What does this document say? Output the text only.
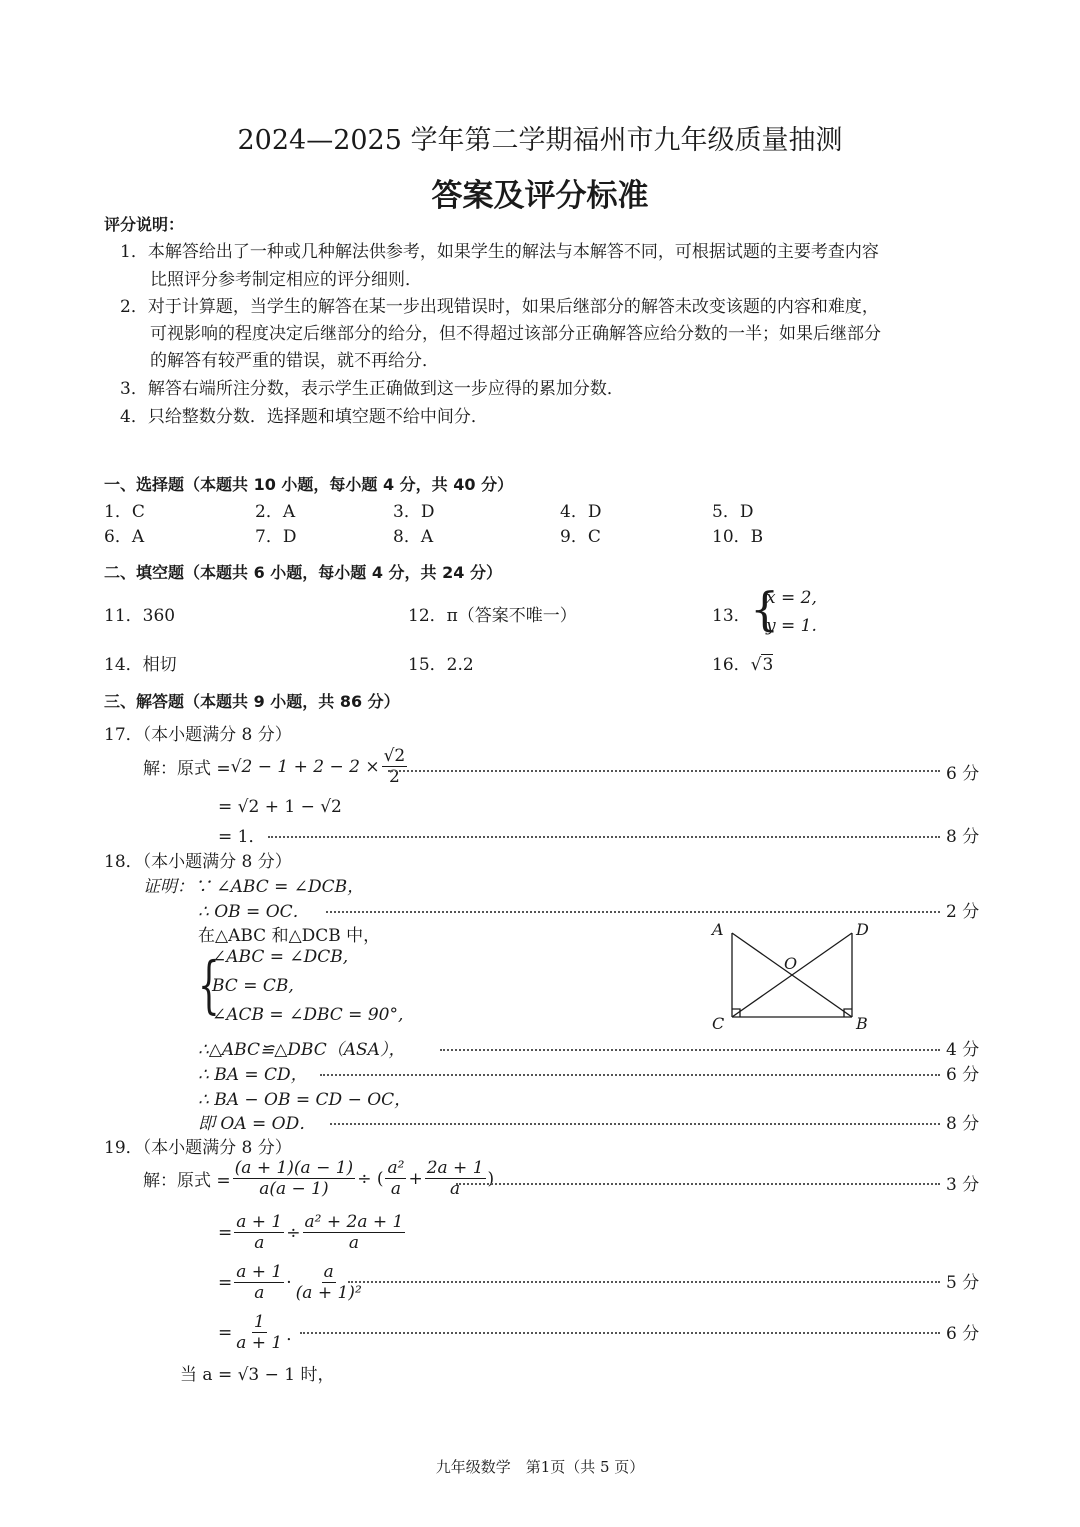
2024—2025 学年第二学期福州市九年级质量抽测
答案及评分标准
评分说明：
1．本解答给出了一种或几种解法供参考，如果学生的解法与本解答不同，可根据试题的主要考查内容
比照评分参考制定相应的评分细则．
2．对于计算题，当学生的解答在某一步出现错误时，如果后继部分的解答未改变该题的内容和难度，
可视影响的程度决定后继部分的给分，但不得超过该部分正确解答应给分数的一半；如果后继部分
的解答有较严重的错误，就不再给分．
3．解答右端所注分数，表示学生正确做到这一步应得的累加分数．
4．只给整数分数．选择题和填空题不给中间分．
一、选择题（本题共 10 小题，每小题 4 分，共 40 分）
1．C	2．A	3．D	4．D	5．D
6．A	7．D	8．A	9．C	10．B
二、填空题（本题共 6 小题，每小题 4 分，共 24 分）
11．360	12．π（答案不唯一）	13． {
x = 2,
y = 1.
14．相切	15．2.2	16．√3
三、解答题（本题共 9 小题，共 86 分）
17．（本小题满分 8 分）
解：原式 = √ $2 - 1 + 2 - 2 \times \frac{√2}{2}$	6 分
= √2 + 1 − √2
= 1．	8 分
18．（本小题满分 8 分）
证明：∵ ∠ABC = ∠DCB，
∴ OB = OC．	2 分
在△ABC 和△DCB 中，
{
∠ABC = ∠DCB,
BC = CB,
∠ACB = ∠DBC = 90°,
A	D
O
C	B
∴△ABC≌△DBC（ASA），	4 分
∴ BA = CD，	6 分
∴ BA − OB = CD − OC，
即 OA = OD．	8 分
19．（本小题满分 8 分）
解：原式 = $\frac{(a + 1)(a - 1)}{a(a - 1)}$ ÷ ( $\frac{\text{a²}}{a} + \frac{2a + 1}{a}$ )	3 分
= $\frac{a + 1}{a} \div \frac{\text{a² + 2a + 1}}{a}$
= $\frac{a + 1}{a} \cdot \frac{a}{\text{(a + 1)²}}$	5 分
= $\frac{1}{a + 1}$ ．	6 分
当 a = √3 − 1 时，
九年级数学　第1页（共 5 页）
